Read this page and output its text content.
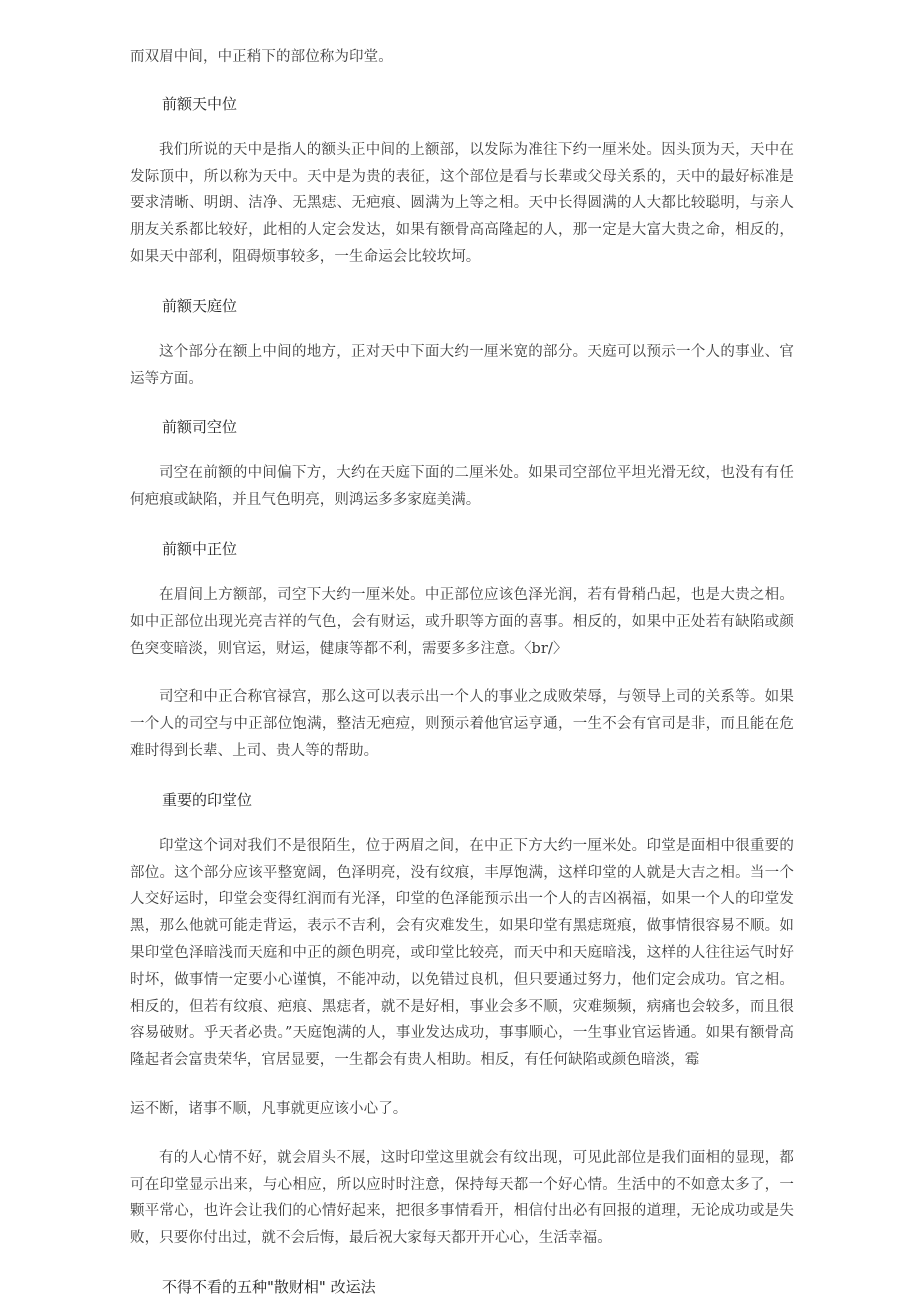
而双眉中间，中正稍下的部位称为印堂。

前额天中位

我们所说的天中是指人的额头正中间的上额部，以发际为准往下约一厘米处。因头顶为天，天中在发际顶中，所以称为天中。天中是为贵的表征，这个部位是看与长辈或父母关系的，天中的最好标准是要求清晰、明朗、洁净、无黑痣、无疤痕、圆满为上等之相。天中长得圆满的人大都比较聪明，与亲人朋友关系都比较好，此相的人定会发达，如果有额骨高高隆起的人，那一定是大富大贵之命，相反的，如果天中部利，阻碍烦事较多，一生命运会比较坎坷。

前额天庭位

这个部分在额上中间的地方，正对天中下面大约一厘米宽的部分。天庭可以预示一个人的事业、官运等方面。

前额司空位

司空在前额的中间偏下方，大约在天庭下面的二厘米处。如果司空部位平坦光滑无纹，也没有有任何疤痕或缺陷，并且气色明亮，则鸿运多多家庭美满。

前额中正位

在眉间上方额部，司空下大约一厘米处。中正部位应该色泽光润，若有骨稍凸起，也是大贵之相。如中正部位出现光亮吉祥的气色，会有财运，或升职等方面的喜事。相反的，如果中正处若有缺陷或颜色突变暗淡，则官运，财运，健康等都不利，需要多多注意。〈br/〉

司空和中正合称官禄宫，那么这可以表示出一个人的事业之成败荣辱，与领导上司的关系等。如果一个人的司空与中正部位饱满，整洁无疤痘，则预示着他官运亨通，一生不会有官司是非，而且能在危难时得到长辈、上司、贵人等的帮助。

重要的印堂位

印堂这个词对我们不是很陌生，位于两眉之间，在中正下方大约一厘米处。印堂是面相中很重要的部位。这个部分应该平整宽阔，色泽明亮，没有纹痕，丰厚饱满，这样印堂的人就是大吉之相。当一个人交好运时，印堂会变得红润而有光泽，印堂的色泽能预示出一个人的吉凶祸福，如果一个人的印堂发黑，那么他就可能走背运，表示不吉利，会有灾难发生，如果印堂有黑痣斑痕，做事情很容易不顺。如果印堂色泽暗浅而天庭和中正的颜色明亮，或印堂比较亮，而天中和天庭暗浅，这样的人往往运气时好时坏，做事情一定要小心谨慎，不能冲动，以免错过良机，但只要通过努力，他们定会成功。官之相。相反的，但若有纹痕、疤痕、黑痣者，就不是好相，事业会多不顺，灾难频频，病痛也会较多，而且很容易破财。乎天者必贵。”天庭饱满的人，事业发达成功，事事顺心，一生事业官运皆通。如果有额骨高隆起者会富贵荣华，官居显要，一生都会有贵人相助。相反，有任何缺陷或颜色暗淡，霉

运不断，诸事不顺，凡事就更应该小心了。

有的人心情不好，就会眉头不展，这时印堂这里就会有纹出现，可见此部位是我们面相的显现，都可在印堂显示出来，与心相应，所以应时时注意，保持每天都一个好心情。生活中的不如意太多了，一颗平常心，也许会让我们的心情好起来，把很多事情看开，相信付出必有回报的道理，无论成功或是失败，只要你付出过，就不会后悔，最后祝大家每天都开开心心，生活幸福。

不得不看的五种"散财相" 改运法
